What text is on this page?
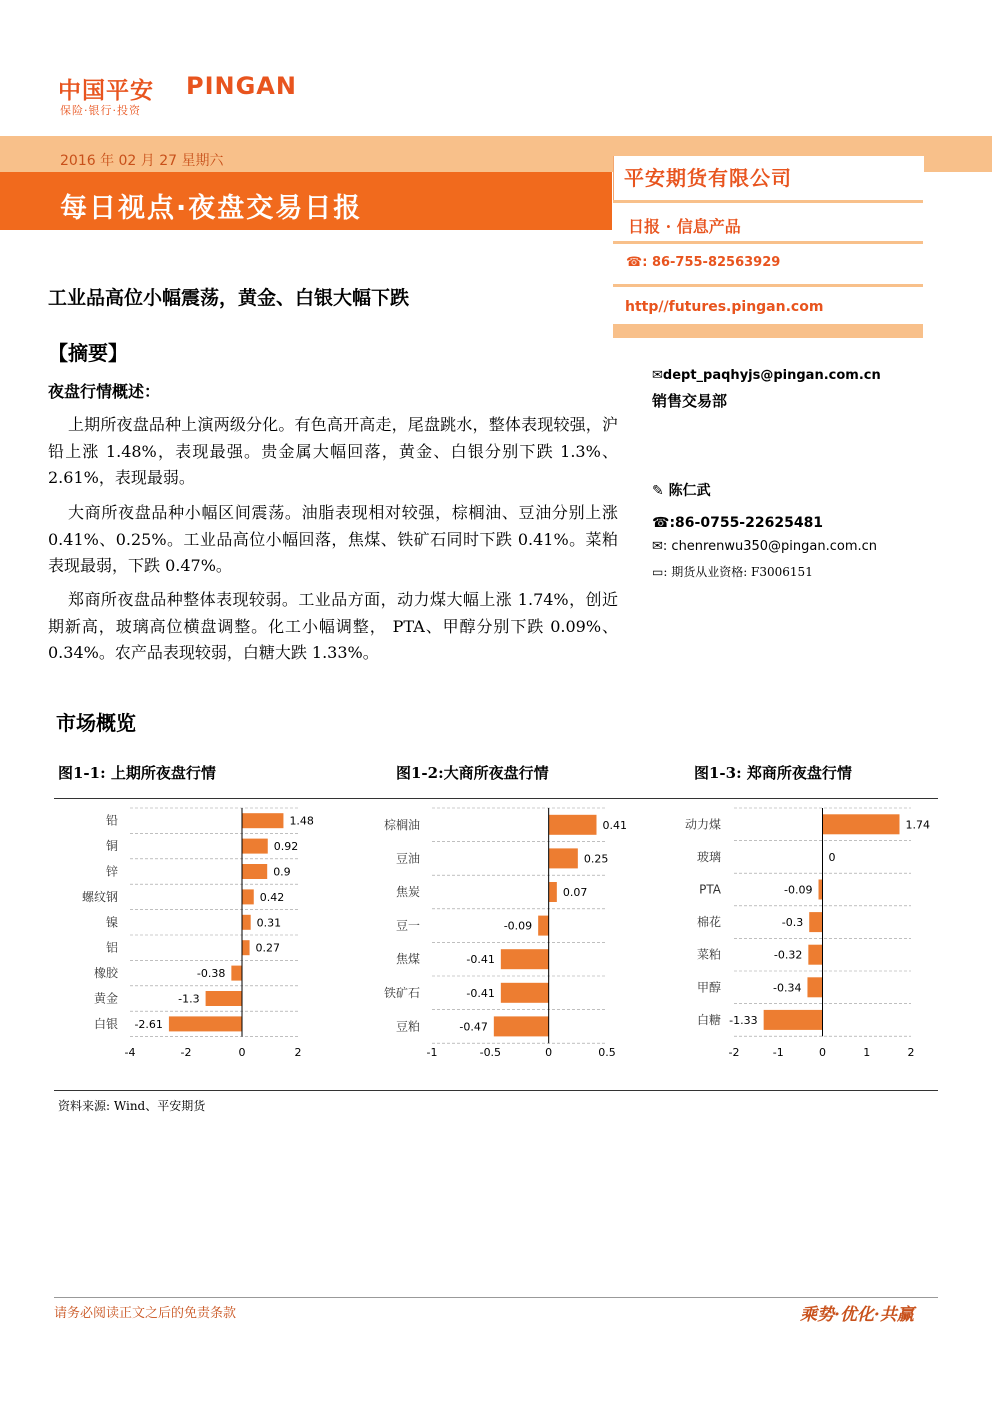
中国平安 PINGAN
保险·银行·投资
2016 年 02 月 27 星期六
每日视点·夜盘交易日报
平安期货有限公司
日报 · 信息产品
☎: 86-755-82563929
http//futures.pingan.com
✉dept_paqhyjs@pingan.com.cn
销售交易部
✎ 陈仁武
☎:86-0755-22625481
✉: chenrenwu350@pingan.com.cn
▭: 期货从业资格: F3006151
工业品高位小幅震荡，黄金、白银大幅下跌
【摘要】
夜盘行情概述：
上期所夜盘品种上演两级分化。有色高开高走，尾盘跳水，整体表现较强，沪铅上涨 1.48%，表现最强。贵金属大幅回落，黄金、白银分别下跌 1.3%、2.61%，表现最弱。
大商所夜盘品种小幅区间震荡。油脂表现相对较强，棕榈油、豆油分别上涨 0.41%、0.25%。工业品高位小幅回落，焦煤、铁矿石同时下跌 0.41%。菜粕表现最弱，下跌 0.47%。
郑商所夜盘品种整体表现较弱。工业品方面，动力煤大幅上涨 1.74%，创近期新高，玻璃高位横盘调整。化工小幅调整， PTA、甲醇分别下跌 0.09%、0.34%。农产品表现较弱，白糖大跌 1.33%。
市场概览
图1-1: 上期所夜盘行情	图1-2:大商所夜盘行情	图1-3: 郑商所夜盘行情
铅	1.48
铜	0.92
锌	0.9
螺纹钢	0.42
镍	0.31
铝	0.27
橡胶	-0.38
黄金	-1.3
白银 -2.61
-4	-2	0	2
棕榈油	0.41
豆油	0.25
焦炭	0.07
豆一	-0.09
焦煤	-0.41
铁矿石	-0.41
豆粕	-0.47
-1	-0.5	0	0.5
动力煤	1.74
玻璃	0
PTA	-0.09
棉花	-0.3
菜粕	-0.32
甲醇	-0.34
白糖 -1.33
-2	-1	0	1	2
资料来源: Wind、平安期货
请务必阅读正文之后的免责条款	乘势·优化·共赢
